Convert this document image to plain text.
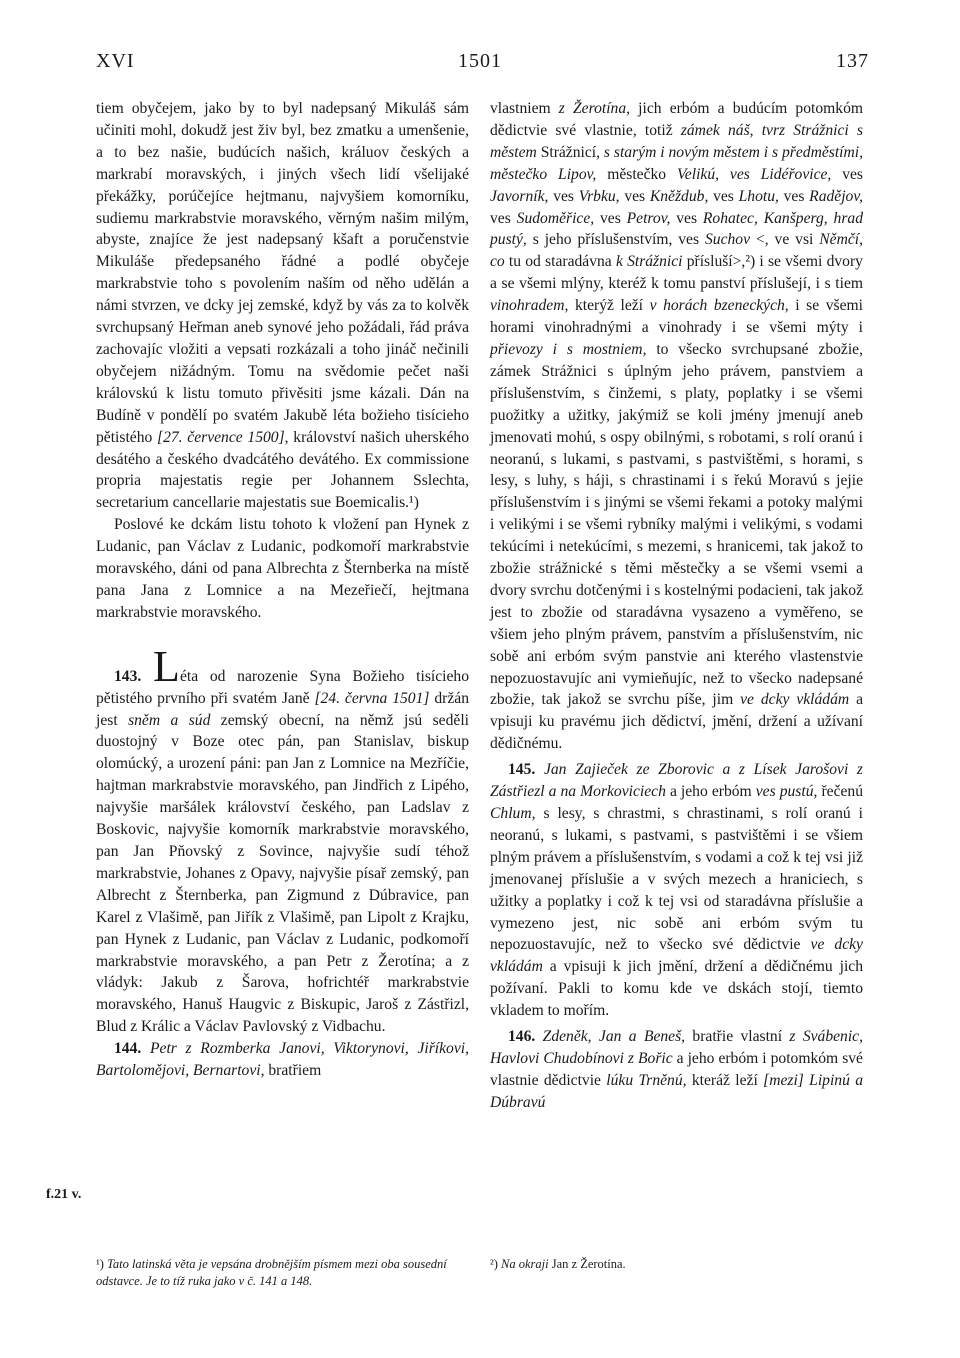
XVI	1501	137

tiem obyčejem, jako by to byl nadepsaný Mikuláš sám učiniti mohl, dokudž jest živ byl, bez zmatku a umenšenie, a to bez našie, budúcích našich, králuov českých a markrabí moravských, i jiných všech lidí všelijaké překážky, porúčejíce hejtmanu, najvyšiem komorníku, sudiemu markrabstvie moravského, věrným našim milým, abyste, znajíce že jest nadepsaný kšaft a poručenstvie Mikuláše předepsaného řádné a podlé obyčeje markrabstvie toho s povolením naším od něho udělán a námi stvrzen, ve dcky jej zemské, když by vás za to kolvěk svrchupsaný Heřman aneb synové jeho požádali, řád práva zachovajíc vložiti a vepsati rozkázali a toho jináč nečinili obyčejem nižádným. Tomu na svědomie pečet naši královskú k listu tomuto přivěsiti jsme kázali. Dán na Budíně v pondělí po svatém Jakubě léta božieho tisícieho pětistého [27. července 1500], království našich uherského desátého a českého dvadcátého devátého. Ex commissione propria majestatis regie per Johannem Sslechta, secretarium cancellarie majestatis sue Boemicalis.¹)

Poslové ke dckám listu tohoto k vložení pan Hynek z Ludanic, pan Václav z Ludanic, podkomoří markrabstvie moravského, dáni od pana Albrechta z Šternberka na místě pana Jana z Lomnice a na Mezeřiečí, hejtmana markrabstvie moravského.

143. Léta od narozenie Syna Božieho tisícieho pětistého prvního při svatém Janě [24. června 1501] držán jest sněm a súd zemský obecní, na němž jsú seděli duostojný v Boze otec pán, pan Stanislav, biskup olomúcký, a urození páni: pan Jan z Lomnice na Mezříčie, hajtman markrabstvie moravského, pan Jindřich z Lipého, najvyšie maršálek království českého, pan Ladslav z Boskovic, najvyšie komorník markrabstvie moravského, pan Jan Pňovský z Sovince, najvyšie sudí téhož markrabstvie, Johanes z Opavy, najvyšie písař zemský, pan Albrecht z Šternberka, pan Zigmund z Dúbravice, pan Karel z Vlašimě, pan Jiřík z Vlašimě, pan Lipolt z Krajku, pan Hynek z Ludanic, pan Václav z Ludanic, podkomoří markrabstvie moravského, a pan Petr z Žerotína; a z vládyk: Jakub z Šarova, hofrichtéř markrabstvie moravského, Hanuš Haugvic z Biskupic, Jaroš z Zástřizl, Blud z Králic a Václav Pavlovský z Vidbachu.

144. Petr z Rozmberka Janovi, Viktorynovi, Jiříkovi, Bartolomějovi, Bernartovi, bratřiem

f.21 v.

vlastniem z Žerotína, jich erbóm a budúcím potomkóm dědictvie své vlastnie, totiž zámek náš, tvrz Strážnici s městem Strážnicí, s starým i novým městem i s předměstími, městečko Lipov, městečko Velikú, ves Lidéřovice, ves Javorník, ves Vrbku, ves Kněždub, ves Lhotu, ves Radějov, ves Sudoměřice, ves Petrov, ves Rohatec, Kanšperg, hrad pustý, s jeho příslušenstvím, ves Suchov <, ve vsi Němčí, co tu od staradávna k Strážnici přísluší>,²) i se všemi dvory a se všemi mlýny, kteréž k tomu panství příslušejí, i s tiem vinohradem, kterýž leží v horách bzeneckých, i se všemi horami vinohradnými a vinohrady i se všemi mýty i přievozy i s mostniem, to všecko svrchupsané zbožie, zámek Strážnici s úplným jeho právem, panstviem a příslušenstvím, s činžemi, s platy, poplatky i se všemi puožitky a užitky, jakýmiž se koli jmény jmenují aneb jmenovati mohú, s ospy obilnými, s robotami, s rolí oranú i neoranú, s lukami, s pastvami, s pastvištěmi, s horami, s lesy, s luhy, s háji, s chrastinami i s řekú Moravú s jejie příslušenstvím i s jinými se všemi řekami a potoky malými i velikými i se všemi rybníky malými i velikými, s vodami tekúcími i netekúcími, s mezemi, s hranicemi, tak jakož to zbožie strážnické s těmi městečky a se všemi vsemi a dvory svrchu dotčenými i s kostelnými podacieni, tak jakož jest to zbožie od staradávna vysazeno a vyměřeno, se všiem jeho plným právem, panstvím a příslušenstvím, nic sobě ani erbóm svým panstvie ani kterého vlastenstvie nepozuostavujíc ani vymieňujíc, než to všecko nadepsané zbožie, tak jakož se svrchu píše, jim ve dcky vkládám a vpisuji ku pravému jich dědictví, jmění, držení a užívaní dědičnému.

145. Jan Zajieček ze Zborovic a z Lísek Jarošovi z Zástřiezl a na Morkoviciech a jeho erbóm ves pustú, řečenú Chlum, s lesy, s chrastmi, s chrastinami, s rolí oranú i neoranú, s lukami, s pastvami, s pastvištěmi i se všiem plným právem a příslušenstvím, s vodami a což k tej vsi již jmenovanej příslušie a v svých mezech a hraniciech, s užitky a poplatky i což k tej vsi od staradávna příslušie a vymezeno jest, nic sobě ani erbóm svým tu nepozuostavujíc, než to všecko své dědictvie ve dcky vkládám a vpisuji k jich jmění, držení a dědičnému jich požívaní. Pakli to komu kde ve dskách stojí, tiemto vkladem to mořím.

146. Zdeněk, Jan a Beneš, bratřie vlastní z Svábenic, Havlovi Chudobínovi z Bořic a jeho erbóm i potomkóm své vlastnie dědictvie lúku Trněnú, kteráž leží [mezi] Lipinú a Dúbravú

¹) Tato latinská věta je vepsána drobnějším písmem mezi oba sousední odstavce. Je to tíž ruka jako v č. 141 a 148.
²) Na okraji Jan z Žerotína.
